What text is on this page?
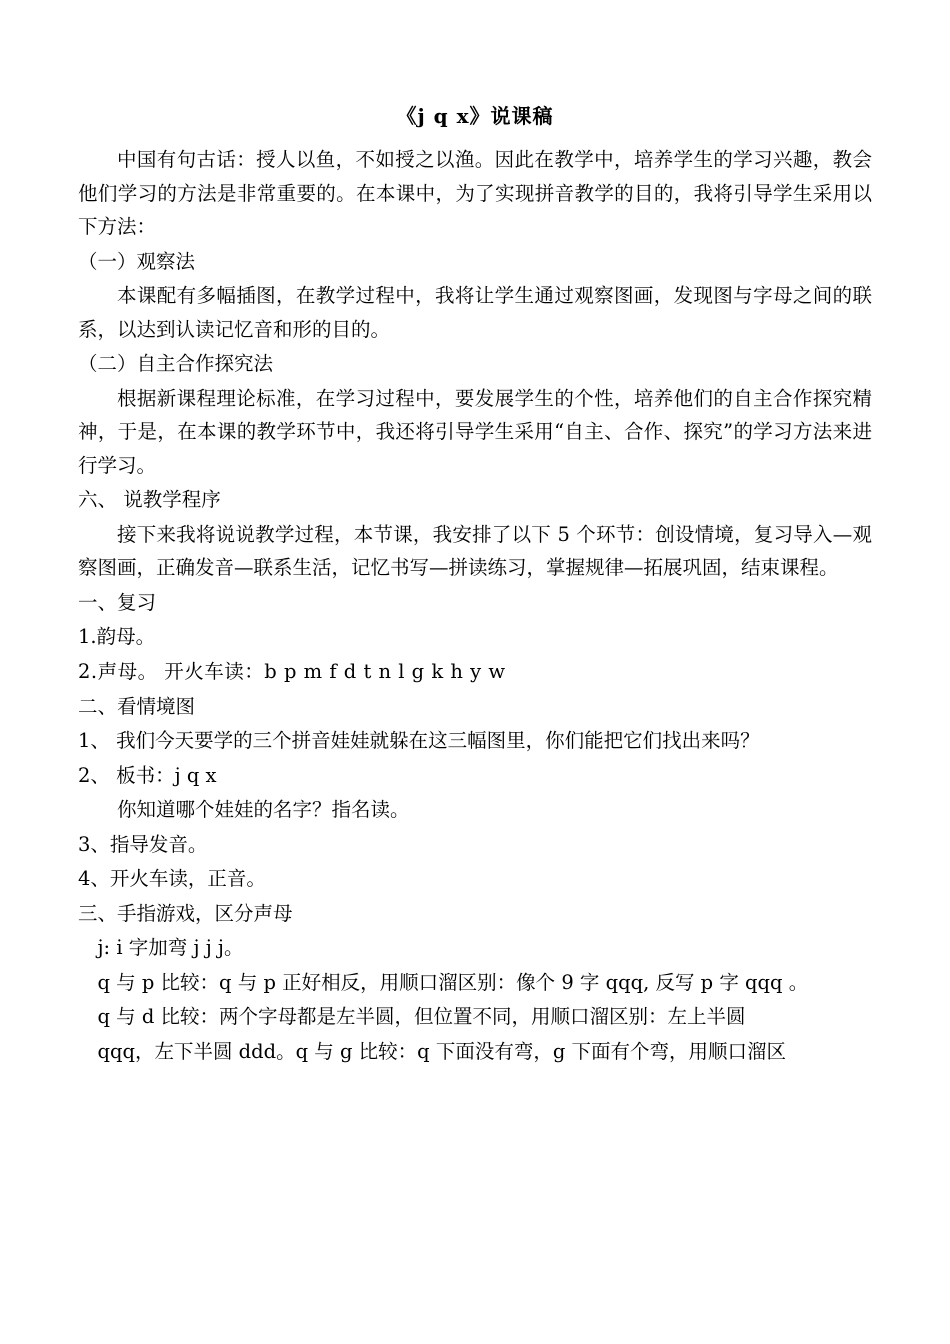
《j q x》说课稿

中国有句古话：授人以鱼，不如授之以渔。因此在教学中，培养学生的学习兴趣，教会他们学习的方法是非常重要的。在本课中，为了实现拼音教学的目的，我将引导学生采用以下方法：

（一）观察法

本课配有多幅插图，在教学过程中，我将让学生通过观察图画，发现图与字母之间的联系，以达到认读记忆音和形的目的。

（二）自主合作探究法

根据新课程理论标准，在学习过程中，要发展学生的个性，培养他们的自主合作探究精神，于是，在本课的教学环节中，我还将引导学生采用“自主、合作、探究”的学习方法来进行学习。

六、 说教学程序

接下来我将说说教学过程，本节课，我安排了以下 5 个环节：创设情境，复习导入—观察图画，正确发音—联系生活，记忆书写—拼读练习，掌握规律—拓展巩固，结束课程。

一、复习

1.韵母。

2.声母。 开火车读：b p m f d t n l g k h y w

二、看情境图

1、 我们今天要学的三个拼音娃娃就躲在这三幅图里，你们能把它们找出来吗？

2、 板书：j q x

你知道哪个娃娃的名字？指名读。

3、指导发音。

4、开火车读，正音。

三、手指游戏，区分声母

j: i 字加弯 j j j。

q 与 p 比较：q 与 p 正好相反，用顺口溜区别：像个 9 字 qqq, 反写 p 字 qqq 。

q 与 d 比较：两个字母都是左半圆，但位置不同，用顺口溜区别：左上半圆

qqq，左下半圆 ddd。q 与 g 比较：q 下面没有弯，g 下面有个弯，用顺口溜区
